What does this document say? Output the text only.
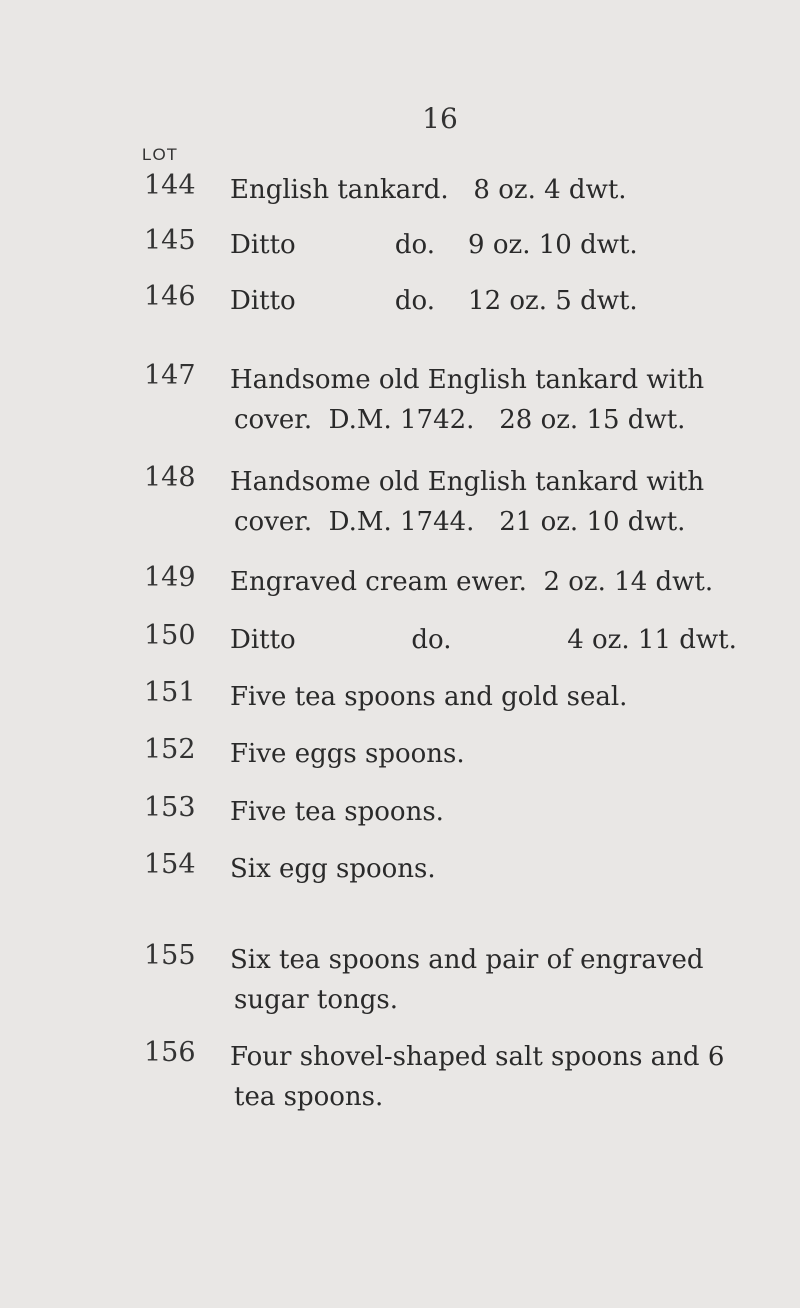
16
LOT
144 English tankard.   8 oz. 4 dwt.
145 Ditto            do.    9 oz. 10 dwt.
146 Ditto            do.    12 oz. 5 dwt.
147 Handsome old English tankard with
cover.  D.M. 1742.   28 oz. 15 dwt.
148 Handsome old English tankard with
cover.  D.M. 1744.   21 oz. 10 dwt.
149 Engraved cream ewer.  2 oz. 14 dwt.
150 Ditto              do.              4 oz. 11 dwt.
151 Five tea spoons and gold seal.
152 Five eggs spoons.
153 Five tea spoons.
154 Six egg spoons.
155 Six tea spoons and pair of engraved
sugar tongs.
156 Four shovel-shaped salt spoons and 6
tea spoons.
